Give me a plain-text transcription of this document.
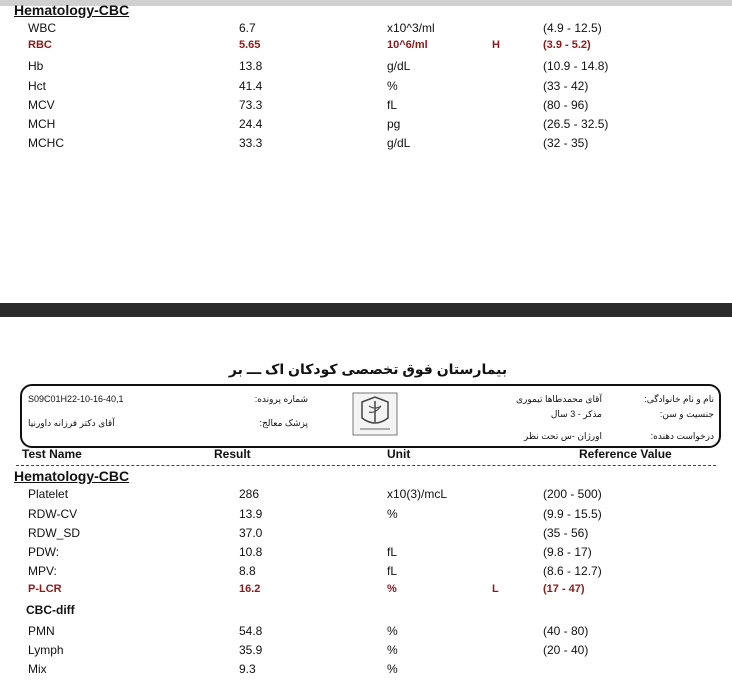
Hematology-CBC
WBC	6.7	x10^3/ml	(4.9 - 12.5)
RBC	5.65	10^6/ml	H	(3.9 - 5.2)
Hb	13.8	g/dL	(10.9 - 14.8)
Hct	41.4	%	(33 - 42)
MCV	73.3	fL	(80 - 96)
MCH	24.4	pg	(26.5 - 32.5)
MCHC	33.3	g/dL	(32 - 35)
بیمارستان فوق تخصصی کودکان اک ـــ بر
S09C01H22-10-16-40,1
آقای دکتر فرزانه داورنیا
شماره پرونده:
پزشک معالج:
آقای محمدطاها تیموری
مذکر - 3 سال
اورژان -س تحت نظر
نام و نام خانوادگی:
جنسیت و سن:
درخواست دهنده:
Test Name	Result	Unit	Reference Value
Hematology-CBC
Platelet	286	x10(3)/mcL	(200 - 500)
RDW-CV	13.9	%	(9.9 - 15.5)
RDW_SD	37.0	(35 - 56)
PDW:	10.8	fL	(9.8 - 17)
MPV:	8.8	fL	(8.6 - 12.7)
P-LCR	16.2	%	L	(17 - 47)
CBC-diff
PMN	54.8	%	(40 - 80)
Lymph	35.9	%	(20 - 40)
Mix	9.3	%
